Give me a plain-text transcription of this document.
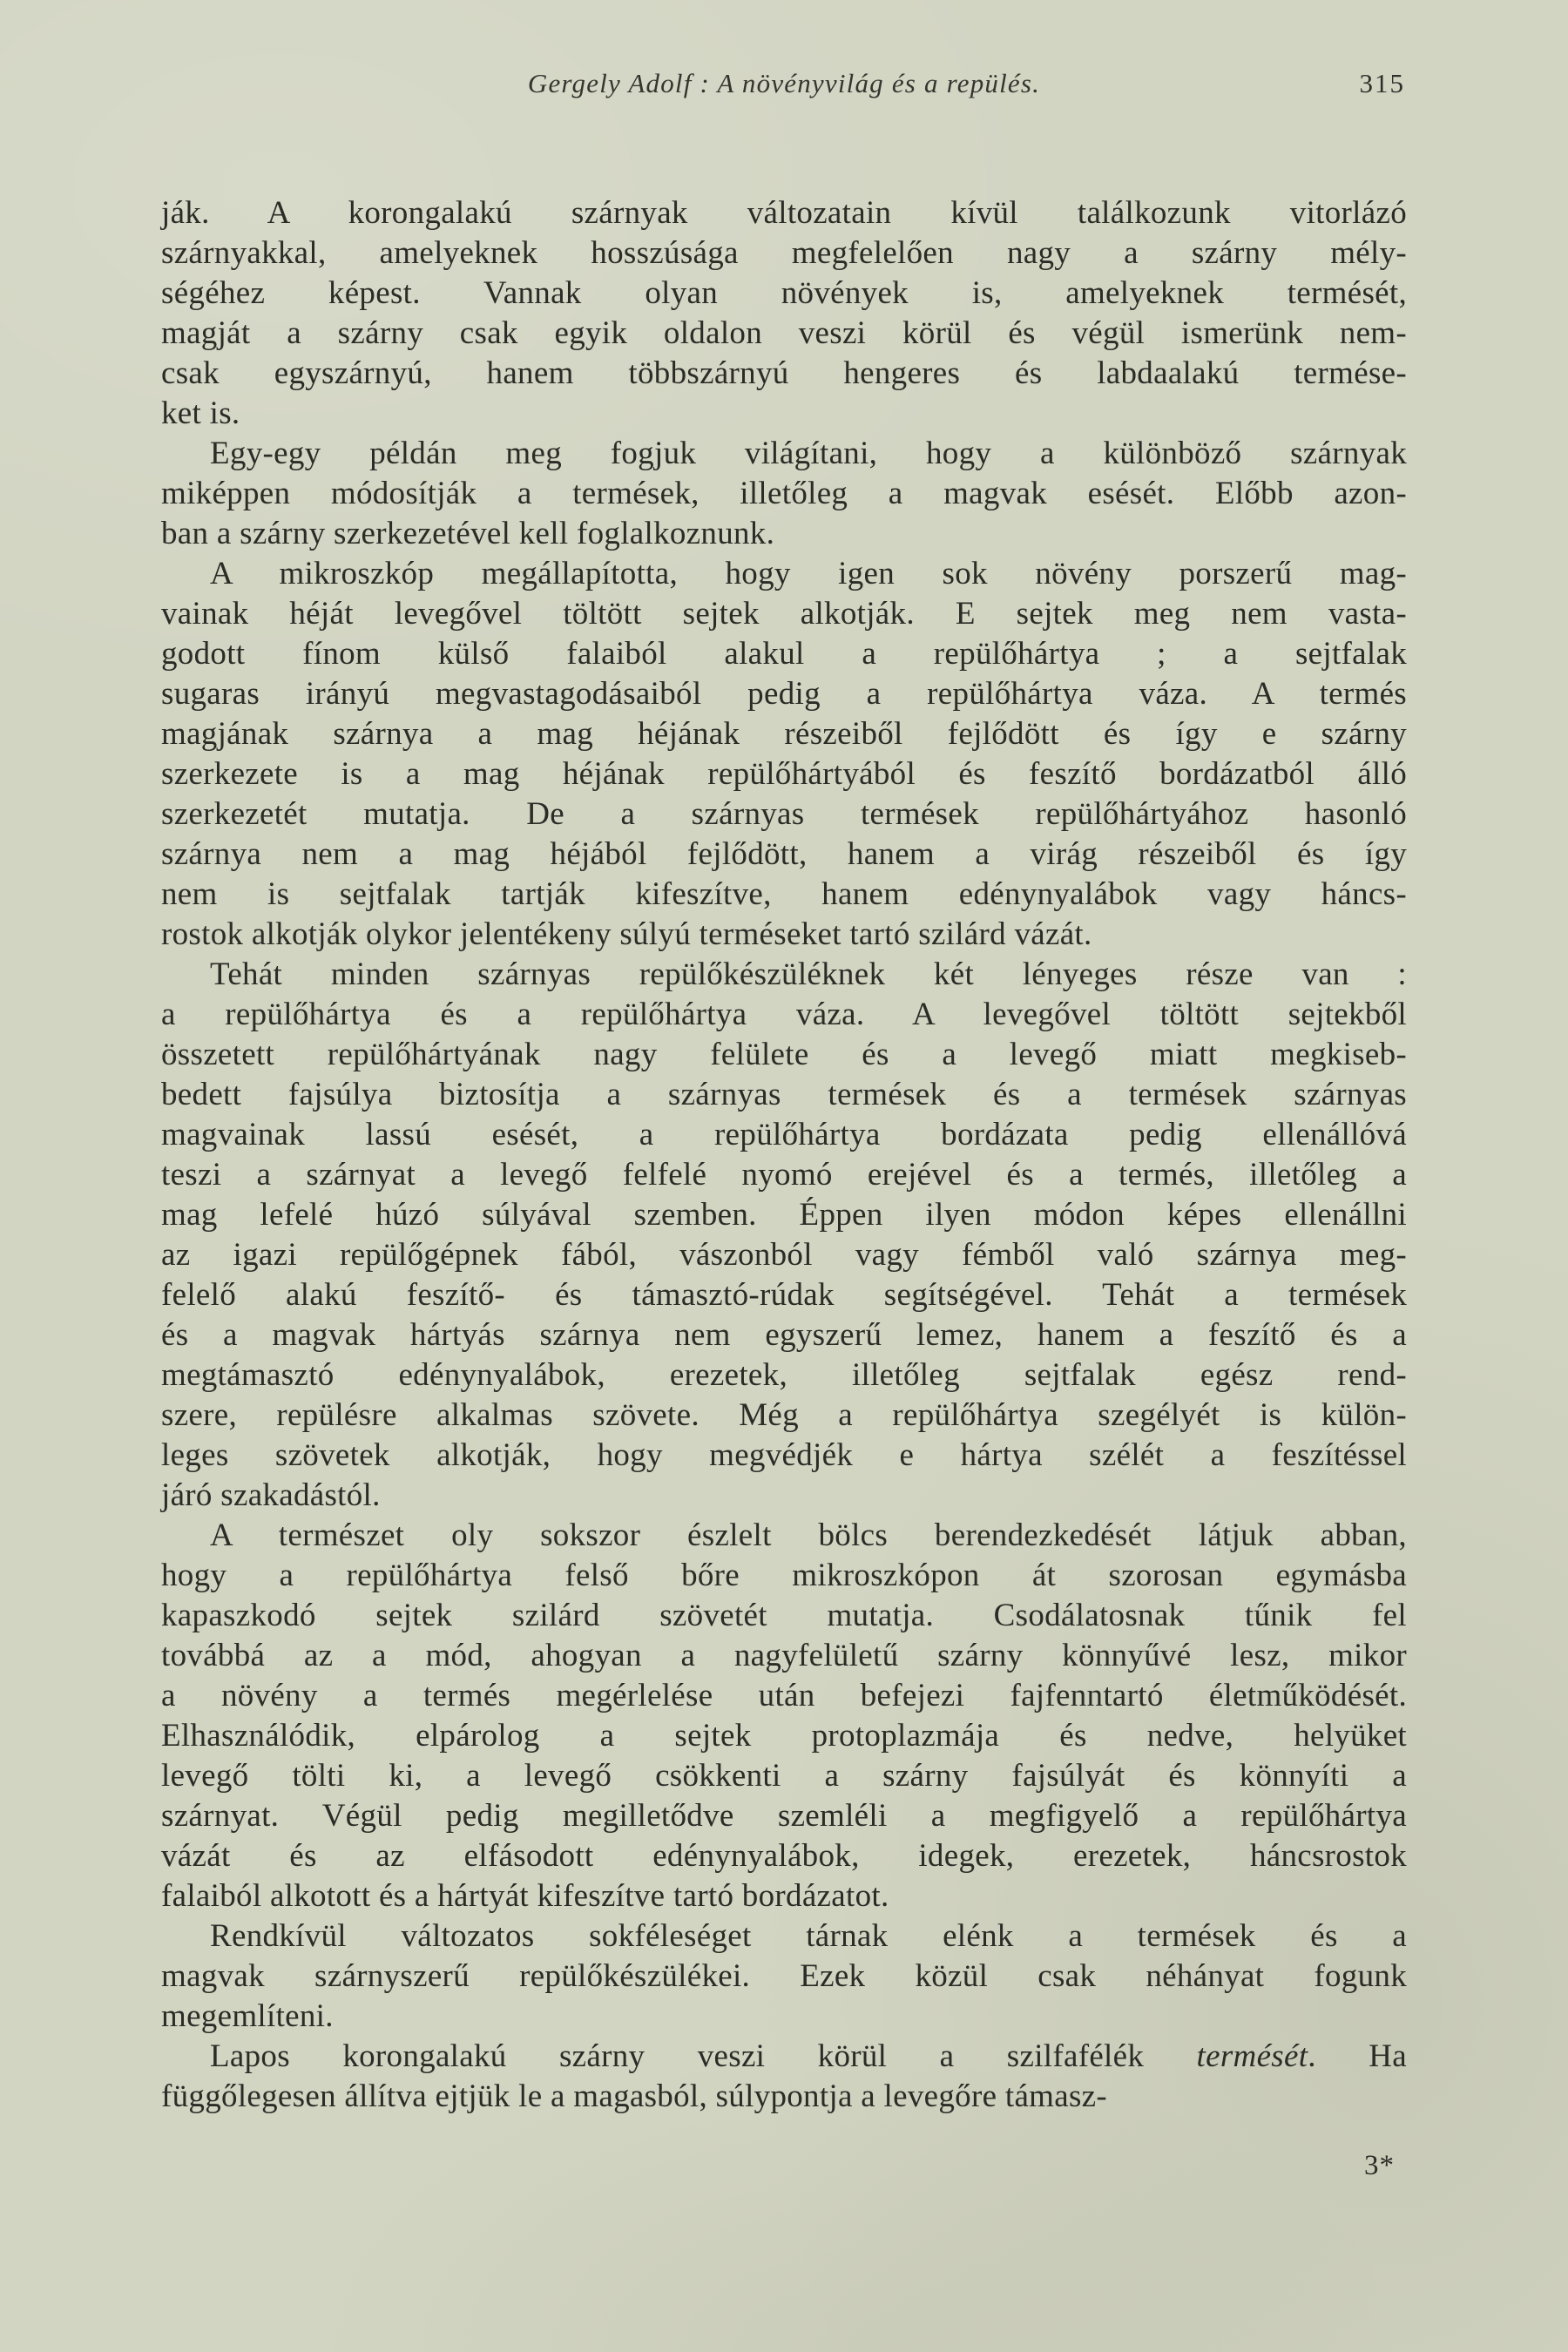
Gergely Adolf : A növényvilág és a repülés.	315
ják. A korongalakú szárnyak változatain kívül találkozunk vitorlázó
szárnyakkal, amelyeknek hosszúsága megfelelően nagy a szárny mély-
ségéhez képest. Vannak olyan növények is, amelyeknek termését,
magját a szárny csak egyik oldalon veszi körül és végül ismerünk nem-
csak egyszárnyú, hanem többszárnyú hengeres és labdaalakú termése-
ket is.
Egy-egy példán meg fogjuk világítani, hogy a különböző szárnyak
miképpen módosítják a termések, illetőleg a magvak esését. Előbb azon-
ban a szárny szerkezetével kell foglalkoznunk.
A mikroszkóp megállapította, hogy igen sok növény porszerű mag-
vainak héját levegővel töltött sejtek alkotják. E sejtek meg nem vasta-
godott fínom külső falaiból alakul a repülőhártya ; a sejtfalak
sugaras irányú megvastagodásaiból pedig a repülőhártya váza. A termés
magjának szárnya a mag héjának részeiből fejlődött és így e szárny
szerkezete is a mag héjának repülőhártyából és feszítő bordázatból álló
szerkezetét mutatja. De a szárnyas termések repülőhártyához hasonló
szárnya nem a mag héjából fejlődött, hanem a virág részeiből és így
nem is sejtfalak tartják kifeszítve, hanem edénynyalábok vagy háncs-
rostok alkotják olykor jelentékeny súlyú terméseket tartó szilárd vázát.
Tehát minden szárnyas repülőkészüléknek két lényeges része van :
a repülőhártya és a repülőhártya váza. A levegővel töltött sejtekből
összetett repülőhártyának nagy felülete és a levegő miatt megkiseb-
bedett fajsúlya biztosítja a szárnyas termések és a termések szárnyas
magvainak lassú esését, a repülőhártya bordázata pedig ellenállóvá
teszi a szárnyat a levegő felfelé nyomó erejével és a termés, illetőleg a
mag lefelé húzó súlyával szemben. Éppen ilyen módon képes ellenállni
az igazi repülőgépnek fából, vászonból vagy fémből való szárnya meg-
felelő alakú feszítő- és támasztó-rúdak segítségével. Tehát a termések
és a magvak hártyás szárnya nem egyszerű lemez, hanem a feszítő és a
megtámasztó edénynyalábok, erezetek, illetőleg sejtfalak egész rend-
szere, repülésre alkalmas szövete. Még a repülőhártya szegélyét is külön-
leges szövetek alkotják, hogy megvédjék e hártya szélét a feszítéssel
járó szakadástól.
A természet oly sokszor észlelt bölcs berendezkedését látjuk abban,
hogy a repülőhártya felső bőre mikroszkópon át szorosan egymásba
kapaszkodó sejtek szilárd szövetét mutatja. Csodálatosnak tűnik fel
továbbá az a mód, ahogyan a nagyfelületű szárny könnyűvé lesz, mikor
a növény a termés megérlelése után befejezi fajfenntartó életműködését.
Elhasználódik, elpárolog a sejtek protoplazmája és nedve, helyüket
levegő tölti ki, a levegő csökkenti a szárny fajsúlyát és könnyíti a
szárnyat. Végül pedig megilletődve szemléli a megfigyelő a repülőhártya
vázát és az elfásodott edénynyalábok, idegek, erezetek, háncsrostok
falaiból alkotott és a hártyát kifeszítve tartó bordázatot.
Rendkívül változatos sokféleséget tárnak elénk a termések és a
magvak szárnyszerű repülőkészülékei. Ezek közül csak néhányat fogunk
megemlíteni.
Lapos korongalakú szárny veszi körül a szilfafélék termését. Ha
függőlegesen állítva ejtjük le a magasból, súlypontja a levegőre támasz-
3*
